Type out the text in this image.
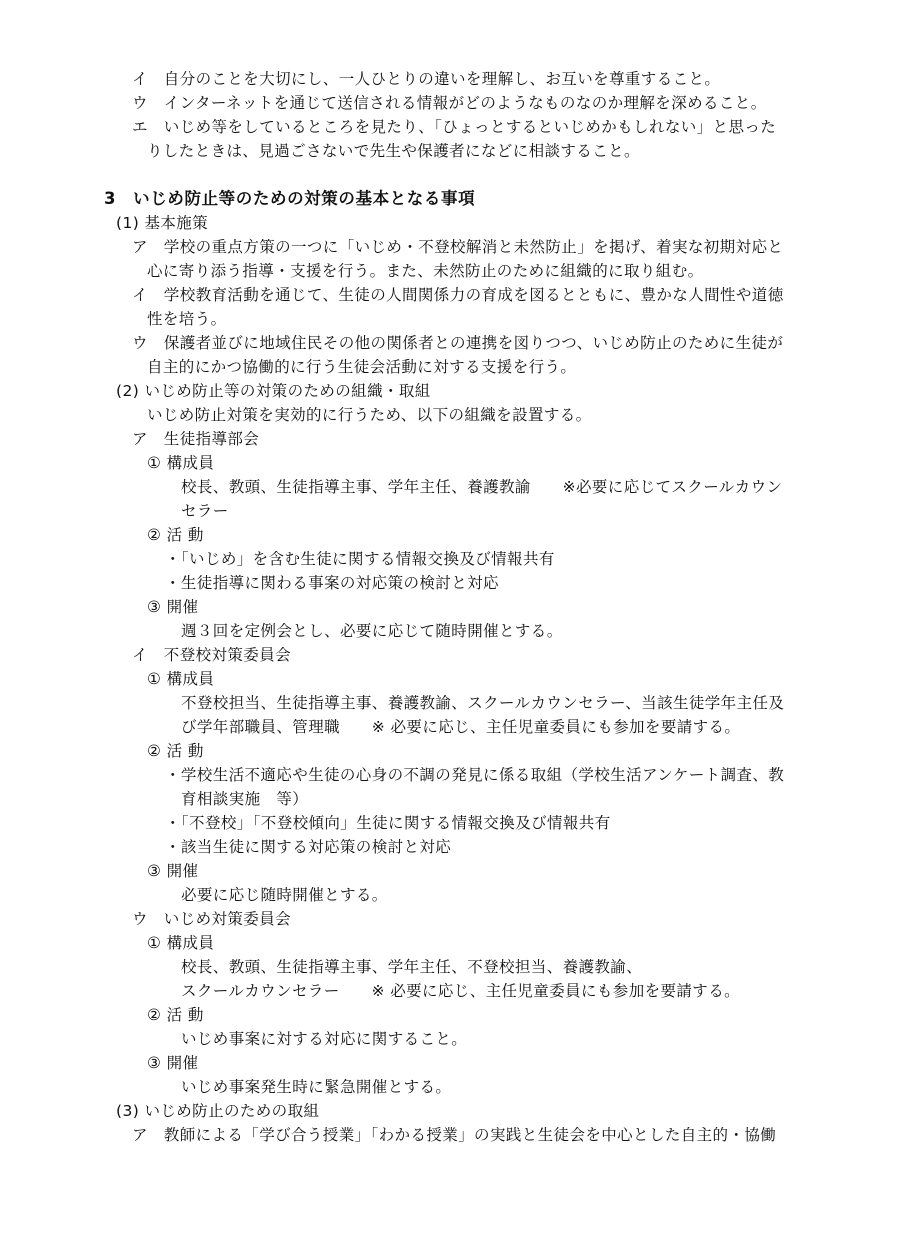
イ　自分のことを大切にし、一人ひとりの違いを理解し、お互いを尊重すること。
ウ　インターネットを通じて送信される情報がどのようなものなのか理解を深めること。
エ　いじめ等をしているところを見たり、「ひょっとするといじめかもしれない」と思った
りしたときは、見過ごさないで先生や保護者になどに相談すること。
3　いじめ防止等のための対策の基本となる事項
(1) 基本施策
ア　学校の重点方策の一つに「いじめ・不登校解消と未然防止」を掲げ、着実な初期対応と
心に寄り添う指導・支援を行う。また、未然防止のために組織的に取り組む。
イ　学校教育活動を通じて、生徒の人間関係力の育成を図るとともに、豊かな人間性や道徳
性を培う。
ウ　保護者並びに地域住民その他の関係者との連携を図りつつ、いじめ防止のために生徒が
自主的にかつ協働的に行う生徒会活動に対する支援を行う。
(2) いじめ防止等の対策のための組織・取組
いじめ防止対策を実効的に行うため、以下の組織を設置する。
ア　生徒指導部会
① 構成員
校長、教頭、生徒指導主事、学年主任、養護教諭　　※必要に応じてスクールカウン
セラー
② 活 動
・「いじめ」を含む生徒に関する情報交換及び情報共有
・生徒指導に関わる事案の対応策の検討と対応
③ 開催
週３回を定例会とし、必要に応じて随時開催とする。
イ　不登校対策委員会
① 構成員
不登校担当、生徒指導主事、養護教諭、スクールカウンセラー、当該生徒学年主任及
び学年部職員、管理職　　※ 必要に応じ、主任児童委員にも参加を要請する。
② 活 動
・学校生活不適応や生徒の心身の不調の発見に係る取組（学校生活アンケート調査、教
育相談実施　等）
・「不登校」「不登校傾向」生徒に関する情報交換及び情報共有
・該当生徒に関する対応策の検討と対応
③ 開催
必要に応じ随時開催とする。
ウ　いじめ対策委員会
① 構成員
校長、教頭、生徒指導主事、学年主任、不登校担当、養護教諭、
スクールカウンセラー　　※ 必要に応じ、主任児童委員にも参加を要請する。
② 活 動
いじめ事案に対する対応に関すること。
③ 開催
いじめ事案発生時に緊急開催とする。
(3) いじめ防止のための取組
ア　教師による「学び合う授業」「わかる授業」の実践と生徒会を中心とした自主的・協働
